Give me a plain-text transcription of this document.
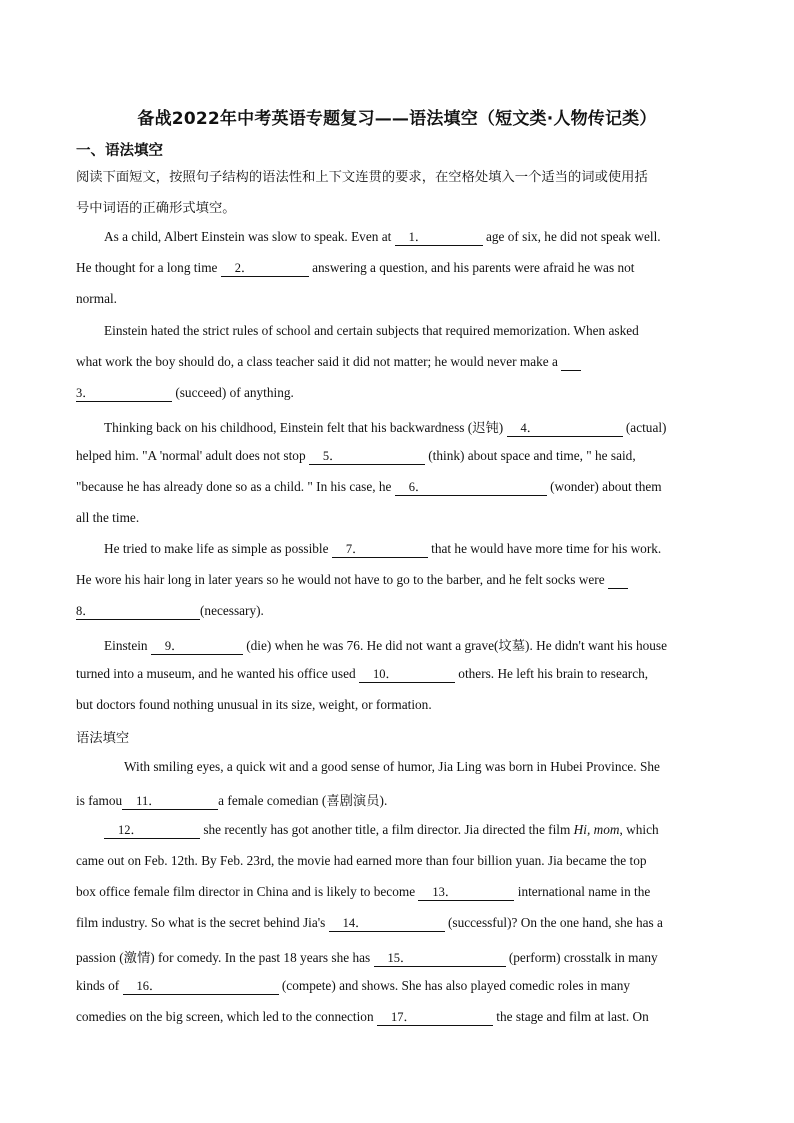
备战2022年中考英语专题复习——语法填空（短文类·人物传记类）
一、语法填空
阅读下面短文，按照句子结构的语法性和上下文连贯的要求，在空格处填入一个适当的词或使用括
号中词语的正确形式填空。
As a child, Albert Einstein was slow to speak. Even at 1．	age of six, he did not speak well.
He thought for a long time 2．	answering a question, and his parents were afraid he was not
normal.
Einstein hated the strict rules of school and certain subjects that required memorization. When asked
what work the boy should do, a class teacher said it did not matter; he would never make a
3．	(succeed) of anything.
Thinking back on his childhood, Einstein felt that his backwardness (迟钝) 4．	(actual)
helped him. "A 'normal' adult does not stop 5．	(think) about space and time, " he said,
"because he has already done so as a child. " In his case, he 6．	(wonder) about them
all the time.
He tried to make life as simple as possible 7．	that he would have more time for his work.
He wore his hair long in later years so he would not have to go to the barber, and he felt socks were
8．	(necessary).
Einstein 9．	(die) when he was 76. He did not want a grave(坟墓). He didn't want his house
turned into a museum, and he wanted his office used 10．	others. He left his brain to research,
but doctors found nothing unusual in its size, weight, or formation.
语法填空
With smiling eyes, a quick wit and a good sense of humor, Jia Ling was born in Hubei Province. She
is famou 11．	a female comedian (喜剧演员).
12．	she recently has got another title, a film director. Jia directed the film Hi, mom, which
came out on Feb. 12th. By Feb. 23rd, the movie had earned more than four billion yuan. Jia became the top
box office female film director in China and is likely to become 13．	international name in the
film industry. So what is the secret behind Jia's 14．	(successful)? On the one hand, she has a
passion (激情) for comedy. In the past 18 years she has 15．	(perform) crosstalk in many
kinds of 16．	(compete) and shows. She has also played comedic roles in many
comedies on the big screen, which led to the connection 17．	the stage and film at last. On
